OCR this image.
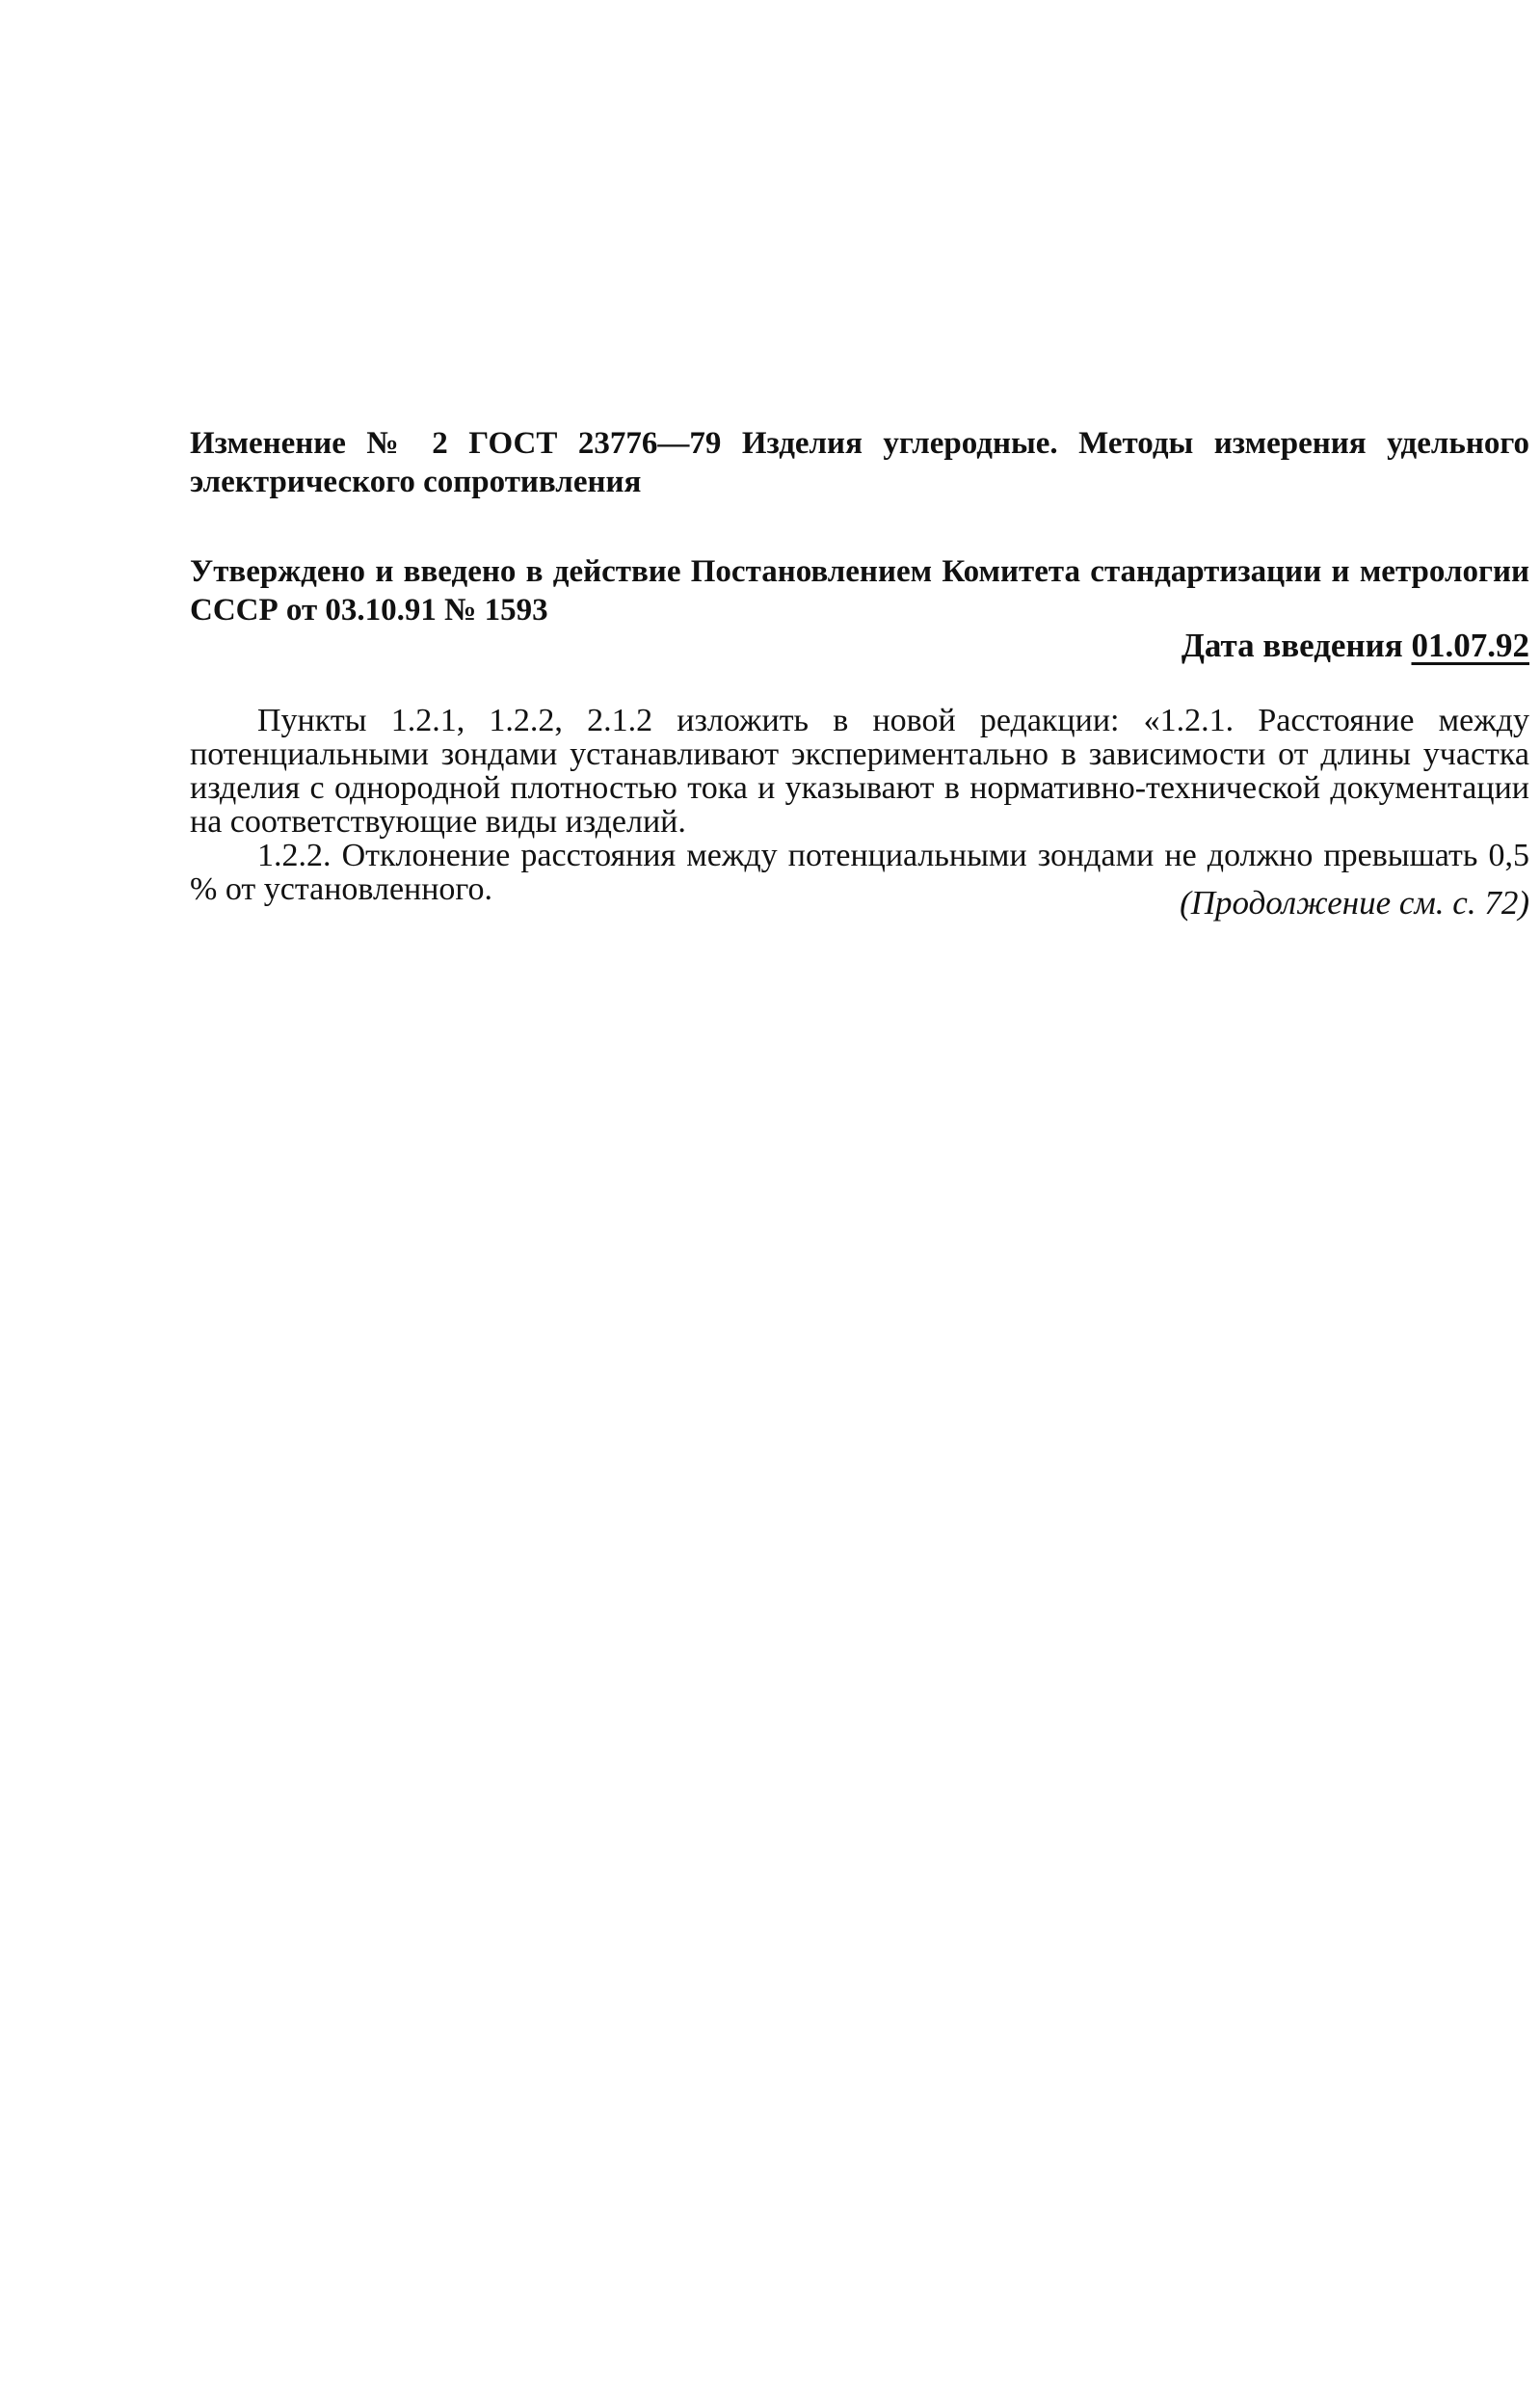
Изменение № 2 ГОСТ 23776—79 Изделия углеродные. Методы измерения удельного электрического сопротивления
Утверждено и введено в действие Постановлением Комитета стандартизации и метрологии СССР от 03.10.91 № 1593
Дата введения 01.07.92

Пункты 1.2.1, 1.2.2, 2.1.2 изложить в новой редакции: «1.2.1. Расстояние между потенциальными зондами устанавливают экспериментально в зависимости от длины участка изделия с однородной плотностью тока и указывают в нормативно-технической документации на соответствующие виды изделий.

1.2.2. Отклонение расстояния между потенциальными зондами не должно превышать 0,5 % от установленного.	(Продолжение см. с. 72)
